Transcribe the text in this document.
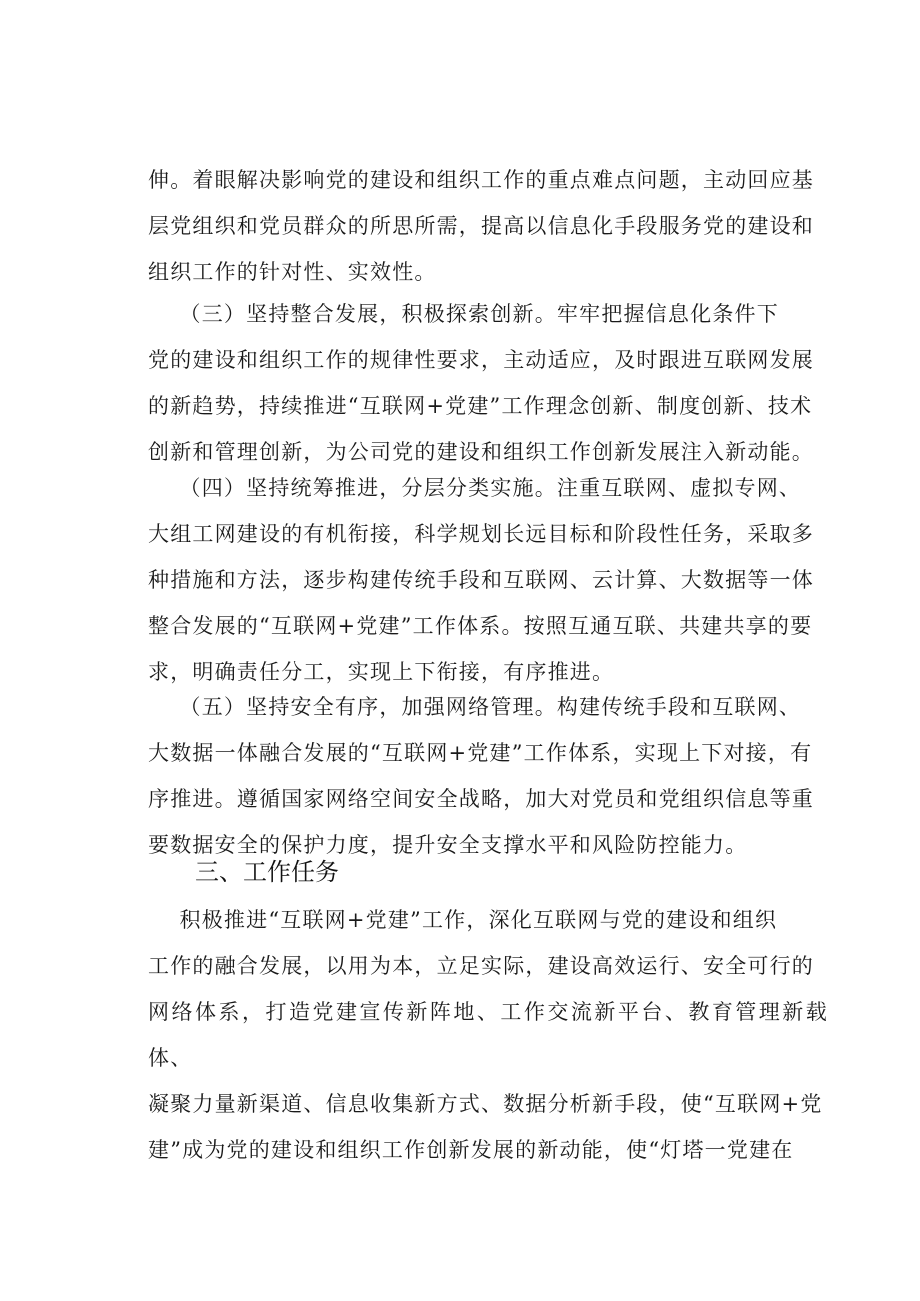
伸。着眼解决影响党的建设和组织工作的重点难点问题，主动回应基
层党组织和党员群众的所思所需，提高以信息化手段服务党的建设和
组织工作的针对性、实效性。
（三）坚持整合发展，积极探索创新。牢牢把握信息化条件下
党的建设和组织工作的规律性要求，主动适应，及时跟进互联网发展
的新趋势，持续推进“互联网+党建”工作理念创新、制度创新、技术
创新和管理创新，为公司党的建设和组织工作创新发展注入新动能。
（四）坚持统筹推进，分层分类实施。注重互联网、虚拟专网、
大组工网建设的有机衔接，科学规划长远目标和阶段性任务，采取多
种措施和方法，逐步构建传统手段和互联网、云计算、大数据等一体
整合发展的“互联网+党建”工作体系。按照互通互联、共建共享的要
求，明确责任分工，实现上下衔接，有序推进。
（五）坚持安全有序，加强网络管理。构建传统手段和互联网、
大数据一体融合发展的“互联网+党建”工作体系，实现上下对接，有
序推进。遵循国家网络空间安全战略，加大对党员和党组织信息等重
要数据安全的保护力度，提升安全支撑水平和风险防控能力。
三、工作任务
积极推进“互联网+党建”工作，深化互联网与党的建设和组织
工作的融合发展，以用为本，立足实际，建设高效运行、安全可行的
网络体系，打造党建宣传新阵地、工作交流新平台、教育管理新载体、
凝聚力量新渠道、信息收集新方式、数据分析新手段，使“互联网+党
建”成为党的建设和组织工作创新发展的新动能，使“灯塔一党建在
